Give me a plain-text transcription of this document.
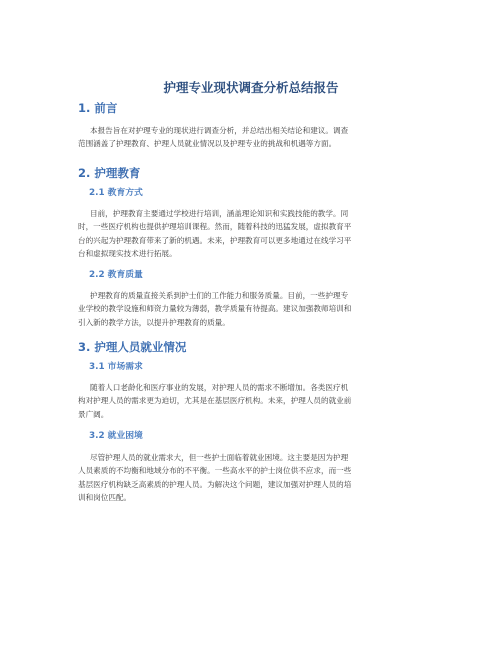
护理专业现状调查分析总结报告
1. 前言
本报告旨在对护理专业的现状进行调查分析，并总结出相关结论和建议。调查
范围涵盖了护理教育、护理人员就业情况以及护理专业的挑战和机遇等方面。
2. 护理教育
2.1 教育方式
目前，护理教育主要通过学校进行培训，涵盖理论知识和实践技能的教学。同
时，一些医疗机构也提供护理培训课程。然而，随着科技的迅猛发展，虚拟教育平
台的兴起为护理教育带来了新的机遇。未来，护理教育可以更多地通过在线学习平
台和虚拟现实技术进行拓展。
2.2 教育质量
护理教育的质量直接关系到护士们的工作能力和服务质量。目前，一些护理专
业学校的教学设施和师资力量较为薄弱，教学质量有待提高。建议加强教师培训和
引入新的教学方法，以提升护理教育的质量。
3. 护理人员就业情况
3.1 市场需求
随着人口老龄化和医疗事业的发展，对护理人员的需求不断增加。各类医疗机
构对护理人员的需求更为迫切，尤其是在基层医疗机构。未来，护理人员的就业前
景广阔。
3.2 就业困境
尽管护理人员的就业需求大，但一些护士面临着就业困境。这主要是因为护理
人员素质的不均衡和地域分布的不平衡。一些高水平的护士岗位供不应求，而一些
基层医疗机构缺乏高素质的护理人员。为解决这个问题，建议加强对护理人员的培
训和岗位匹配。
